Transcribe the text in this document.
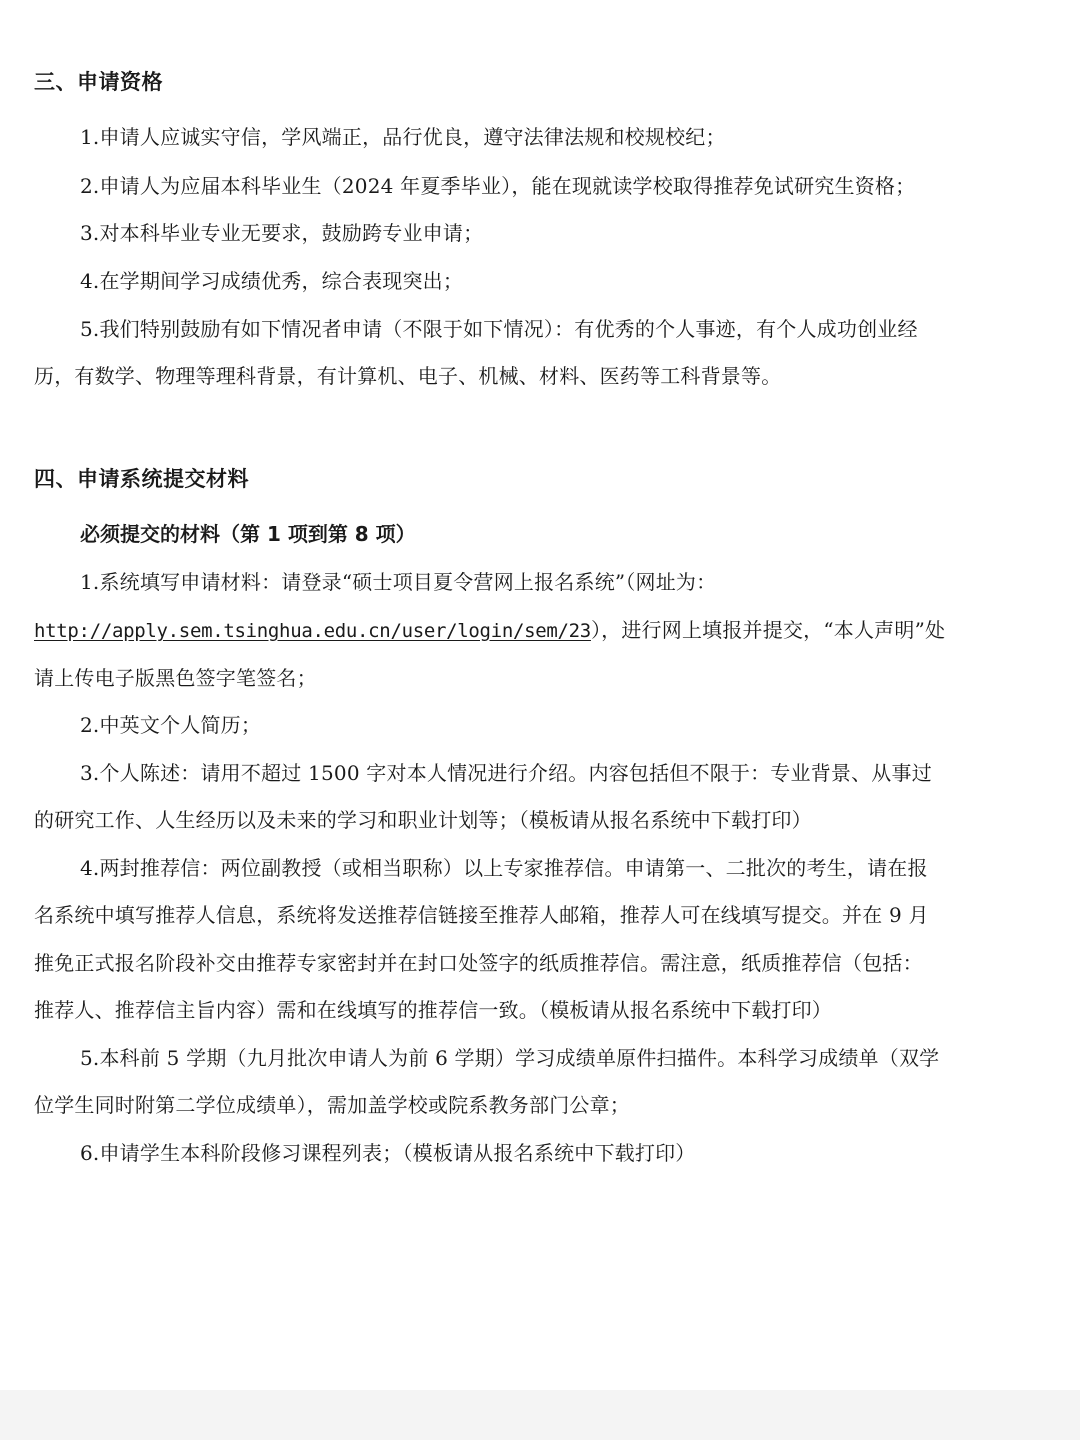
三、申请资格
1.申请人应诚实守信，学风端正，品行优良，遵守法律法规和校规校纪；
2.申请人为应届本科毕业生（2024 年夏季毕业），能在现就读学校取得推荐免试研究生资格；
3.对本科毕业专业无要求，鼓励跨专业申请；
4.在学期间学习成绩优秀，综合表现突出；
5.我们特别鼓励有如下情况者申请（不限于如下情况）：有优秀的个人事迹，有个人成功创业经
历，有数学、物理等理科背景，有计算机、电子、机械、材料、医药等工科背景等。
四、申请系统提交材料
必须提交的材料（第 1 项到第 8 项）
1.系统填写申请材料：请登录“硕士项目夏令营网上报名系统”（网址为：
http://apply.sem.tsinghua.edu.cn/user/login/sem/23），进行网上填报并提交，“本人声明”处
请上传电子版黑色签字笔签名；
2.中英文个人简历；
3.个人陈述：请用不超过 1500 字对本人情况进行介绍。内容包括但不限于：专业背景、从事过
的研究工作、人生经历以及未来的学习和职业计划等；（模板请从报名系统中下载打印）
4.两封推荐信：两位副教授（或相当职称）以上专家推荐信。申请第一、二批次的考生，请在报
名系统中填写推荐人信息，系统将发送推荐信链接至推荐人邮箱，推荐人可在线填写提交。并在 9 月
推免正式报名阶段补交由推荐专家密封并在封口处签字的纸质推荐信。需注意，纸质推荐信（包括：
推荐人、推荐信主旨内容）需和在线填写的推荐信一致。（模板请从报名系统中下载打印）
5.本科前 5 学期（九月批次申请人为前 6 学期）学习成绩单原件扫描件。本科学习成绩单（双学
位学生同时附第二学位成绩单），需加盖学校或院系教务部门公章；
6.申请学生本科阶段修习课程列表；（模板请从报名系统中下载打印）
